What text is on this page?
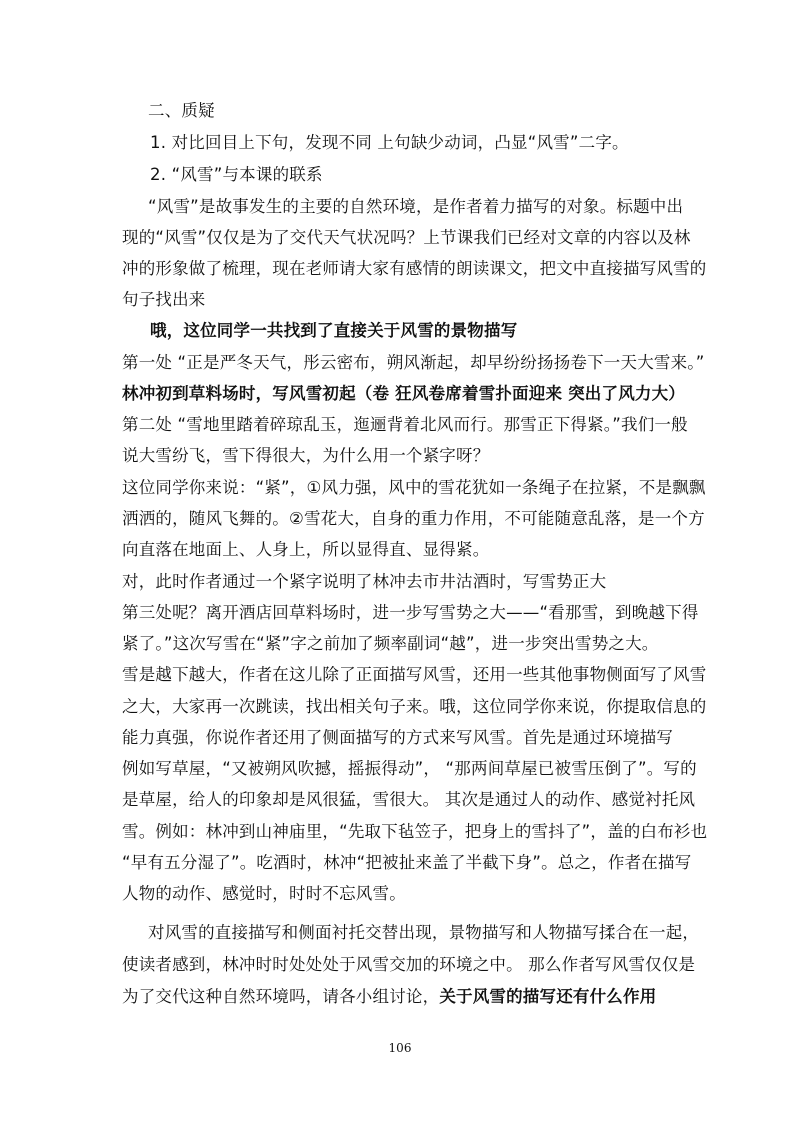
二、质疑
1. 对比回目上下句，发现不同 上句缺少动词，凸显“风雪”二字。
2. “风雪”与本课的联系
“风雪”是故事发生的主要的自然环境，是作者着力描写的对象。标题中出
现的“风雪”仅仅是为了交代天气状况吗？上节课我们已经对文章的内容以及林
冲的形象做了梳理，现在老师请大家有感情的朗读课文，把文中直接描写风雪的
句子找出来
哦，这位同学一共找到了直接关于风雪的景物描写
第一处 “正是严冬天气，彤云密布，朔风渐起，却早纷纷扬扬卷下一天大雪来。”
林冲初到草料场时，写风雪初起（卷 狂风卷席着雪扑面迎来 突出了风力大）
第二处 “雪地里踏着碎琼乱玉，迤逦背着北风而行。那雪正下得紧。”我们一般
说大雪纷飞，雪下得很大，为什么用一个紧字呀？
这位同学你来说：“紧”，①风力强，风中的雪花犹如一条绳子在拉紧，不是飘飘
洒洒的，随风飞舞的。②雪花大，自身的重力作用，不可能随意乱落，是一个方
向直落在地面上、人身上，所以显得直、显得紧。
对，此时作者通过一个紧字说明了林冲去市井沽酒时，写雪势正大
第三处呢？离开酒店回草料场时，进一步写雪势之大——“看那雪，到晚越下得
紧了。”这次写雪在“紧”字之前加了频率副词“越”，进一步突出雪势之大。
雪是越下越大，作者在这儿除了正面描写风雪，还用一些其他事物侧面写了风雪
之大，大家再一次跳读，找出相关句子来。哦，这位同学你来说，你提取信息的
能力真强，你说作者还用了侧面描写的方式来写风雪。首先是通过环境描写
例如写草屋，“又被朔风吹撼，摇振得动”， “那两间草屋已被雪压倒了”。写的
是草屋，给人的印象却是风很猛，雪很大。 其次是通过人的动作、感觉衬托风
雪。例如：林冲到山神庙里，“先取下毡笠子，把身上的雪抖了”，盖的白布衫也
“早有五分湿了”。吃酒时，林冲“把被扯来盖了半截下身”。总之，作者在描写
人物的动作、感觉时，时时不忘风雪。
对风雪的直接描写和侧面衬托交替出现，景物描写和人物描写揉合在一起，
使读者感到，林冲时时处处处于风雪交加的环境之中。 那么作者写风雪仅仅是
为了交代这种自然环境吗，请各小组讨论，关于风雪的描写还有什么作用
106
